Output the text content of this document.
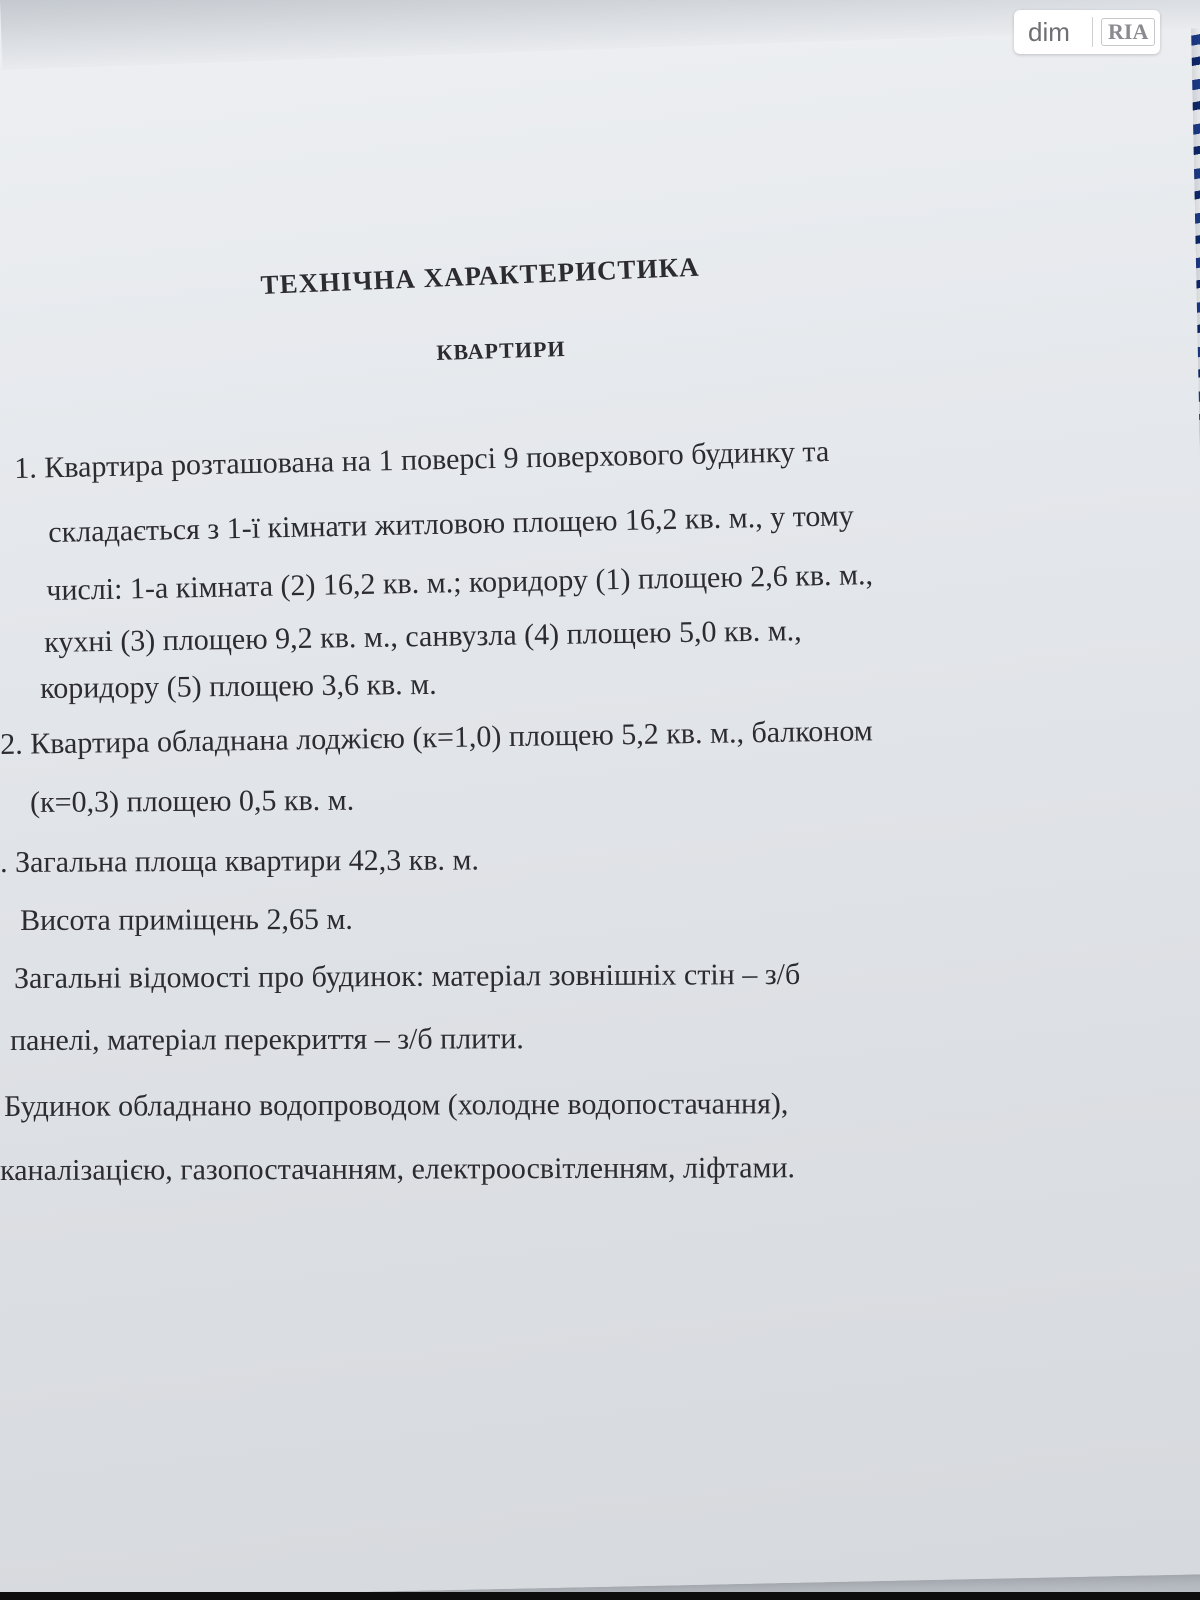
ТЕХНІЧНА ХАРАКТЕРИСТИКА
КВАРТИРИ
1. Квартира розташована на 1 поверсі 9 поверхового будинку та
складається з 1-ї кімнати житловою площею 16,2 кв. м., у тому
числі: 1-а кімната (2) 16,2 кв. м.; коридору (1) площею 2,6 кв. м.,
кухні (3) площею 9,2 кв. м., санвузла (4) площею 5,0 кв. м.,
коридору (5) площею 3,6 кв. м.
2. Квартира обладнана лоджією (к=1,0) площею 5,2 кв. м., балконом
(к=0,3) площею 0,5 кв. м.
. Загальна площа квартири 42,3 кв. м.
Висота приміщень 2,65 м.
Загальні відомості про будинок: матеріал зовнішніх стін – з/б
панелі, матеріал перекриття – з/б плити.
Будинок обладнано водопроводом (холодне водопостачання),
каналізацією, газопостачанням, електроосвітленням, ліфтами.
dim	RIA
